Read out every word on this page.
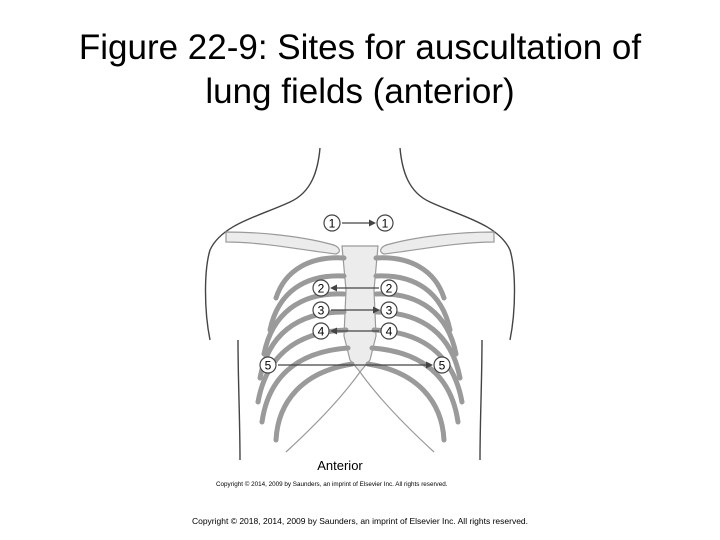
Figure 22-9: Sites for auscultation of
lung fields (anterior)
1	1
2	2
3	3
4	4
5	5
Anterior
Copyright © 2014, 2009 by Saunders, an imprint of Elsevier Inc. All rights reserved.
Copyright © 2018, 2014, 2009 by Saunders, an imprint of Elsevier Inc. All rights reserved.
